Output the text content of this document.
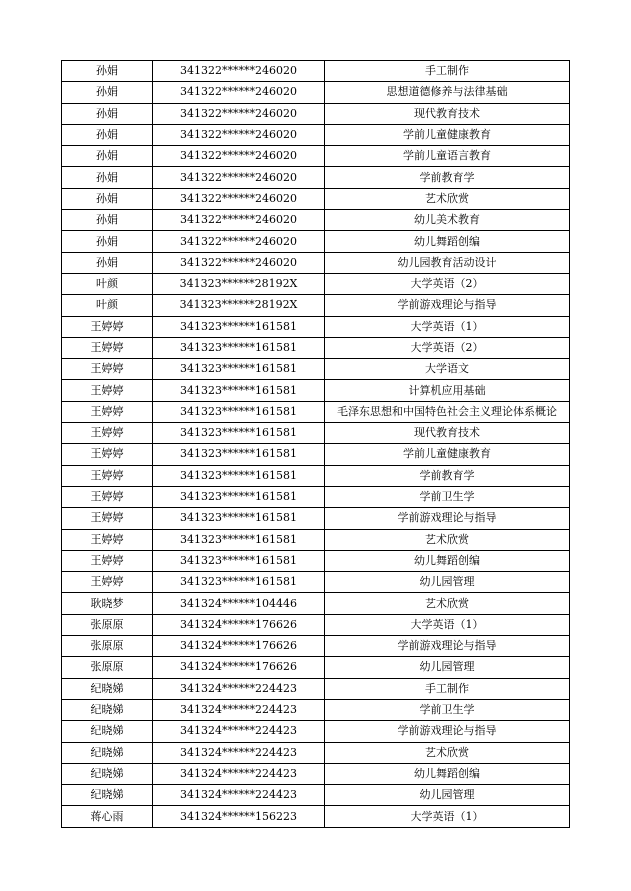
孙娟	341322******246020	手工制作
孙娟	341322******246020	思想道德修养与法律基础
孙娟	341322******246020	现代教育技术
孙娟	341322******246020	学前儿童健康教育
孙娟	341322******246020	学前儿童语言教育
孙娟	341322******246020	学前教育学
孙娟	341322******246020	艺术欣赏
孙娟	341322******246020	幼儿美术教育
孙娟	341322******246020	幼儿舞蹈创编
孙娟	341322******246020	幼儿园教育活动设计
叶颜	341323******28192X	大学英语（2）
叶颜	341323******28192X	学前游戏理论与指导
王婷婷	341323******161581	大学英语（1）
王婷婷	341323******161581	大学英语（2）
王婷婷	341323******161581	大学语文
王婷婷	341323******161581	计算机应用基础
王婷婷	341323******161581	毛泽东思想和中国特色社会主义理论体系概论
王婷婷	341323******161581	现代教育技术
王婷婷	341323******161581	学前儿童健康教育
王婷婷	341323******161581	学前教育学
王婷婷	341323******161581	学前卫生学
王婷婷	341323******161581	学前游戏理论与指导
王婷婷	341323******161581	艺术欣赏
王婷婷	341323******161581	幼儿舞蹈创编
王婷婷	341323******161581	幼儿园管理
耿晓梦	341324******104446	艺术欣赏
张原原	341324******176626	大学英语（1）
张原原	341324******176626	学前游戏理论与指导
张原原	341324******176626	幼儿园管理
纪晓娣	341324******224423	手工制作
纪晓娣	341324******224423	学前卫生学
纪晓娣	341324******224423	学前游戏理论与指导
纪晓娣	341324******224423	艺术欣赏
纪晓娣	341324******224423	幼儿舞蹈创编
纪晓娣	341324******224423	幼儿园管理
蒋心雨	341324******156223	大学英语（1）
